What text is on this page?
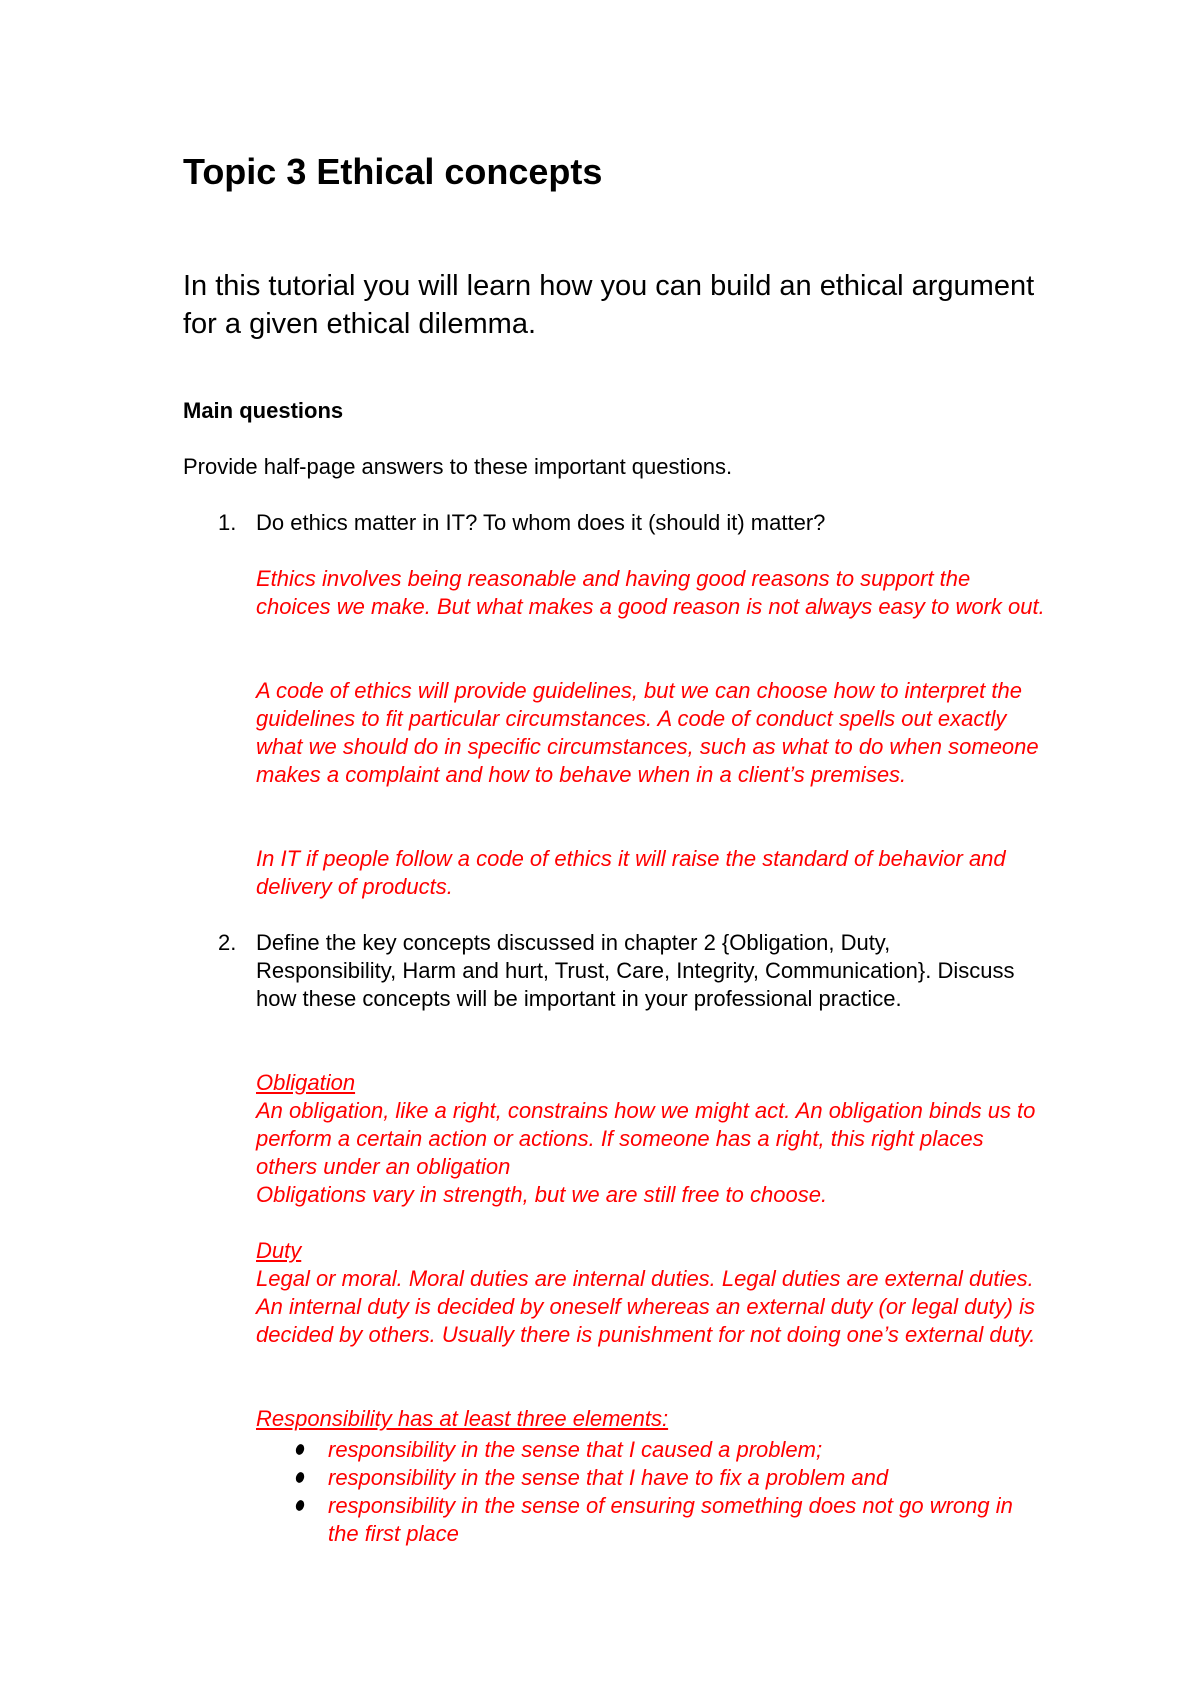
Topic 3 Ethical concepts

In this tutorial you will learn how you can build an ethical argument for a given ethical dilemma.

Main questions

Provide half-page answers to these important questions.

1. Do ethics matter in IT? To whom does it (should it) matter?

Ethics involves being reasonable and having good reasons to support the choices we make. But what makes a good reason is not always easy to work out.

A code of ethics will provide guidelines, but we can choose how to interpret the guidelines to fit particular circumstances. A code of conduct spells out exactly what we should do in specific circumstances, such as what to do when someone makes a complaint and how to behave when in a client’s premises.

In IT if people follow a code of ethics it will raise the standard of behavior and delivery of products.

2. Define the key concepts discussed in chapter 2 {Obligation, Duty, Responsibility, Harm and hurt, Trust, Care, Integrity, Communication}. Discuss how these concepts will be important in your professional practice.

Obligation

An obligation, like a right, constrains how we might act. An obligation binds us to perform a certain action or actions. If someone has a right, this right places others under an obligation

Obligations vary in strength, but we are still free to choose.

Duty

Legal or moral. Moral duties are internal duties. Legal duties are external duties. An internal duty is decided by oneself whereas an external duty (or legal duty) is decided by others. Usually there is punishment for not doing one’s external duty.

Responsibility has at least three elements:

responsibility in the sense that I caused a problem;
responsibility in the sense that I have to fix a problem and
responsibility in the sense of ensuring something does not go wrong in the first place
